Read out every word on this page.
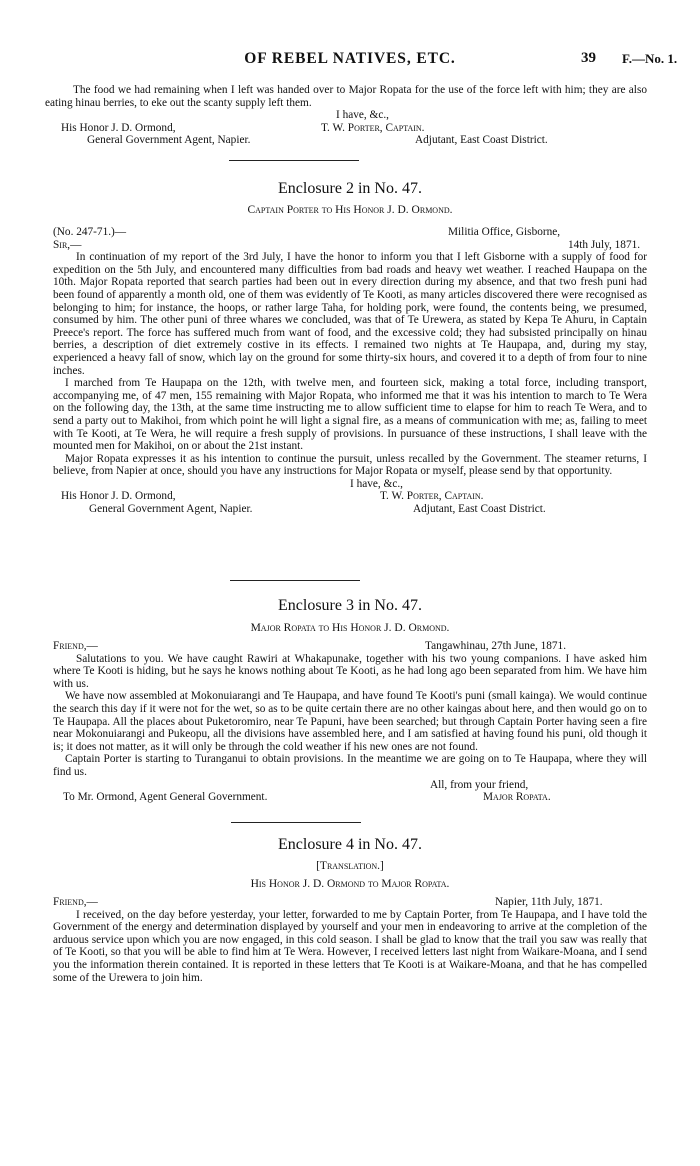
OF REBEL NATIVES, ETC.	39 F.—No. 1.

The food we had remaining when I left was handed over to Major Ropata for the use of the force left with him; they are also eating hinau berries, to eke out the scanty supply left them.

I have, &c.,
His Honor J. D. Ormond,	T. W. Porter, Captain.
General Government Agent, Napier.	Adjutant, East Coast District.
Enclosure 2 in No. 47.
Captain Porter to His Honor J. D. Ormond.
(No. 247-71.)—	Militia Office, Gisborne,
Sir,—	14th July, 1871.

In continuation of my report of the 3rd July, I have the honor to inform you that I left Gisborne with a supply of food for expedition on the 5th July, and encountered many difficulties from bad roads and heavy wet weather. I reached Haupapa on the 10th. Major Ropata reported that search parties had been out in every direction during my absence, and that two fresh puni had been found of apparently a month old, one of them was evidently of Te Kooti, as many articles discovered there were recognised as belonging to him; for instance, the hoops, or rather large Taha, for holding pork, were found, the contents being, we presumed, consumed by him. The other puni of three whares we concluded, was that of Te Urewera, as stated by Kepa Te Ahuru, in Captain Preece's report. The force has suffered much from want of food, and the excessive cold; they had subsisted principally on hinau berries, a description of diet extremely costive in its effects. I remained two nights at Te Haupapa, and, during my stay, experienced a heavy fall of snow, which lay on the ground for some thirty-six hours, and covered it to a depth of from four to nine inches.

I marched from Te Haupapa on the 12th, with twelve men, and fourteen sick, making a total force, including transport, accompanying me, of 47 men, 155 remaining with Major Ropata, who informed me that it was his intention to march to Te Wera on the following day, the 13th, at the same time instructing me to allow sufficient time to elapse for him to reach Te Wera, and to send a party out to Makihoi, from which point he will light a signal fire, as a means of communication with me; as, failing to meet with Te Kooti, at Te Wera, he will require a fresh supply of provisions. In pursuance of these instructions, I shall leave with the mounted men for Makihoi, on or about the 21st instant.

Major Ropata expresses it as his intention to continue the pursuit, unless recalled by the Government. The steamer returns, I believe, from Napier at once, should you have any instructions for Major Ropata or myself, please send by that opportunity.

I have, &c.,
His Honor J. D. Ormond,	T. W. Porter, Captain.
General Government Agent, Napier.	Adjutant, East Coast District.
Enclosure 3 in No. 47.
Major Ropata to His Honor J. D. Ormond.
Friend,—	Tangawhinau, 27th June, 1871.

Salutations to you. We have caught Rawiri at Whakapunake, together with his two young companions. I have asked him where Te Kooti is hiding, but he says he knows nothing about Te Kooti, as he had long ago been separated from him. We have him with us.

We have now assembled at Mokonuiarangi and Te Haupapa, and have found Te Kooti's puni (small kainga). We would continue the search this day if it were not for the wet, so as to be quite certain there are no other kaingas about here, and then would go on to Te Haupapa. All the places about Puketoromiro, near Te Papuni, have been searched; but through Captain Porter having seen a fire near Mokonuiarangi and Pukeopu, all the divisions have assembled here, and I am satisfied at having found his puni, old though it is; it does not matter, as it will only be through the cold weather if his new ones are not found.

Captain Porter is starting to Turanganui to obtain provisions. In the meantime we are going on to Te Haupapa, where they will find us.

All, from your friend,
To Mr. Ormond, Agent General Government.	Major Ropata.
Enclosure 4 in No. 47.
[Translation.]
His Honor J. D. Ormond to Major Ropata.
Friend,—	Napier, 11th July, 1871.

I received, on the day before yesterday, your letter, forwarded to me by Captain Porter, from Te Haupapa, and I have told the Government of the energy and determination displayed by yourself and your men in endeavoring to arrive at the completion of the arduous service upon which you are now engaged, in this cold season. I shall be glad to know that the trail you saw was really that of Te Kooti, so that you will be able to find him at Te Wera. However, I received letters last night from Waikare-Moana, and I send you the information therein contained. It is reported in these letters that Te Kooti is at Waikare-Moana, and that he has compelled some of the Urewera to join him.
